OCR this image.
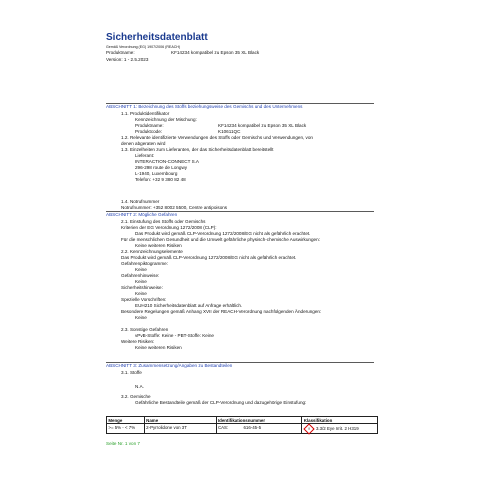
Sicherheitsdatenblatt
Gemäß Verordnung (EG) 1907/2006 (REACH)
Produktname:	KF14234 kompatibel zu Epson 35 XL Black
Version: 1 - 2.5.2023
ABSCHNITT 1: Bezeichnung des Stoffs beziehungsweise des Gemischs und des Unternehmens
1.1. Produktidentifikator
Kennzeichnung der Mischung:
Produktname:	KF14234 kompatibel zu Epson 35 XL Black
Produktcode:	K10611QC
1.2. Relevante identifizierte Verwendungen des Stoffs oder Gemischs und Verwendungen, von
denen abgeraten wird
1.3. Einzelheiten zum Lieferanten, der das Sicherheitsdatenblatt bereitstellt
Lieferant:
INTERACTION-CONNECT S.A
296-298 route de Longwy
L-1940, Luxembourg
Telefon: +32 9 380 82 48
1.4. Notrufnummer
Notrufnummer: +352 8002 5500, Centre antipoisons
ABSCHNITT 2: Mögliche Gefahren
2.1. Einstufung des Stoffs oder Gemischs
Kriterien der EG Verordnung 1272/2008 (CLP):
Das Produkt wird gemäß CLP-Verordnung 1272/2008/EG nicht als gefährlich erachtet.
Für die menschlichen Gesundheit und die Umwelt gefährliche physisch-chemische Auswirkungen:
Keine weiteren Risiken
2.2. Kennzeichnungselemente
Das Produkt wird gemäß CLP-Verordnung 1272/2008/EG nicht als gefährlich erachtet.
Gefahrenpiktogramme:
Keine
Gefahrenhinweise:
Keine
Sicherheitshinweise:
Keine
Spezielle Vorschriften:
EUH210 Sicherheitsdatenblatt auf Anfrage erhältlich.
Besondere Regelungen gemäß Anhang XVII der REACH-Verordnung nachfolgenden Änderungen:
Keine
2.3. Sonstige Gefahren
vPvB-Stoffe: Keine - PBT-Stoffe: Keine
Weitere Risiken:
Keine weiteren Risiken
ABSCHNITT 3: Zusammensetzung/Angaben zu Bestandteilen
3.1. Stoffe
N.A.
3.2. Gemische
Gefährliche Bestandteile gemäß der CLP-Verordnung und dazugehörige Einstufung:
Menge	Name	Identifikationsnummer	Klassifikation
>= 5% - < 7%	2-Pyrrolidone von 3T	CAS: 616-45-5	! 3.3/2 Eye Irrit. 2 H319
Seite Nr. 1 von 7
